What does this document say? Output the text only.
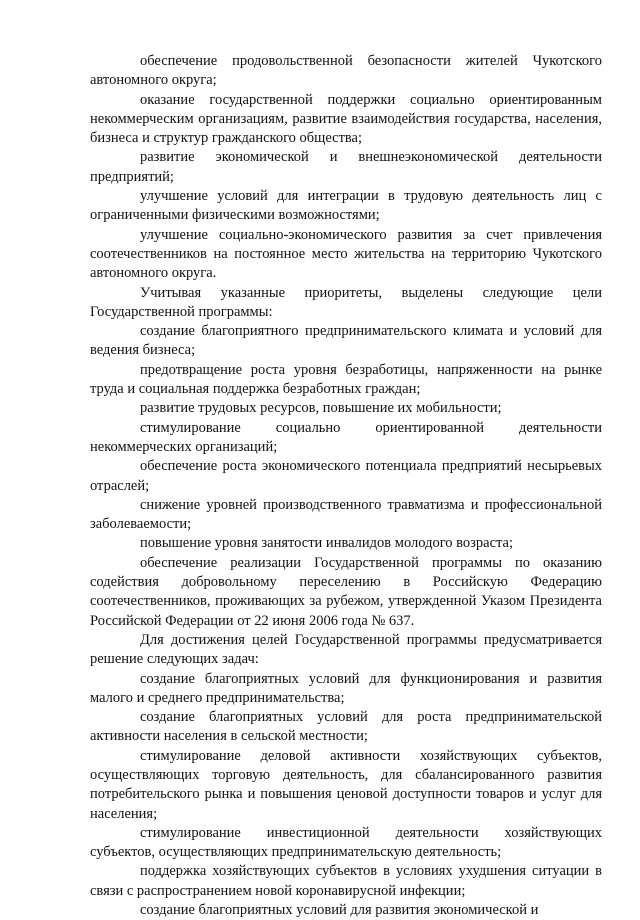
обеспечение продовольственной безопасности жителей Чукотского автономного округа;

оказание государственной поддержки социально ориентированным некоммерческим организациям, развитие взаимодействия государства, населения, бизнеса и структур гражданского общества;

развитие экономической и внешнеэкономической деятельности предприятий;

улучшение условий для интеграции в трудовую деятельность лиц с ограниченными физическими возможностями;

улучшение социально-экономического развития за счет привлечения соотечественников на постоянное место жительства на территорию Чукотского автономного округа.

Учитывая указанные приоритеты, выделены следующие цели Государственной программы:

создание благоприятного предпринимательского климата и условий для ведения бизнеса;

предотвращение роста уровня безработицы, напряженности на рынке труда и социальная поддержка безработных граждан;

развитие трудовых ресурсов, повышение их мобильности;

стимулирование социально ориентированной деятельности некоммерческих организаций;

обеспечение роста экономического потенциала предприятий несырьевых отраслей;

снижение уровней производственного травматизма и профессиональной заболеваемости;

повышение уровня занятости инвалидов молодого возраста;

обеспечение реализации Государственной программы по оказанию содействия добровольному переселению в Российскую Федерацию соотечественников, проживающих за рубежом, утвержденной Указом Президента Российской Федерации от 22 июня 2006 года № 637.

Для достижения целей Государственной программы предусматривается решение следующих задач:

создание благоприятных условий для функционирования и развития малого и среднего предпринимательства;

создание благоприятных условий для роста предпринимательской активности населения в сельской местности;

стимулирование деловой активности хозяйствующих субъектов, осуществляющих торговую деятельность, для сбалансированного развития потребительского рынка и повышения ценовой доступности товаров и услуг для населения;

стимулирование инвестиционной деятельности хозяйствующих субъектов, осуществляющих предпринимательскую деятельность;

поддержка хозяйствующих субъектов в условиях ухудшения ситуации в связи с распространением новой коронавирусной инфекции;

создание благоприятных условий для развития экономической и
